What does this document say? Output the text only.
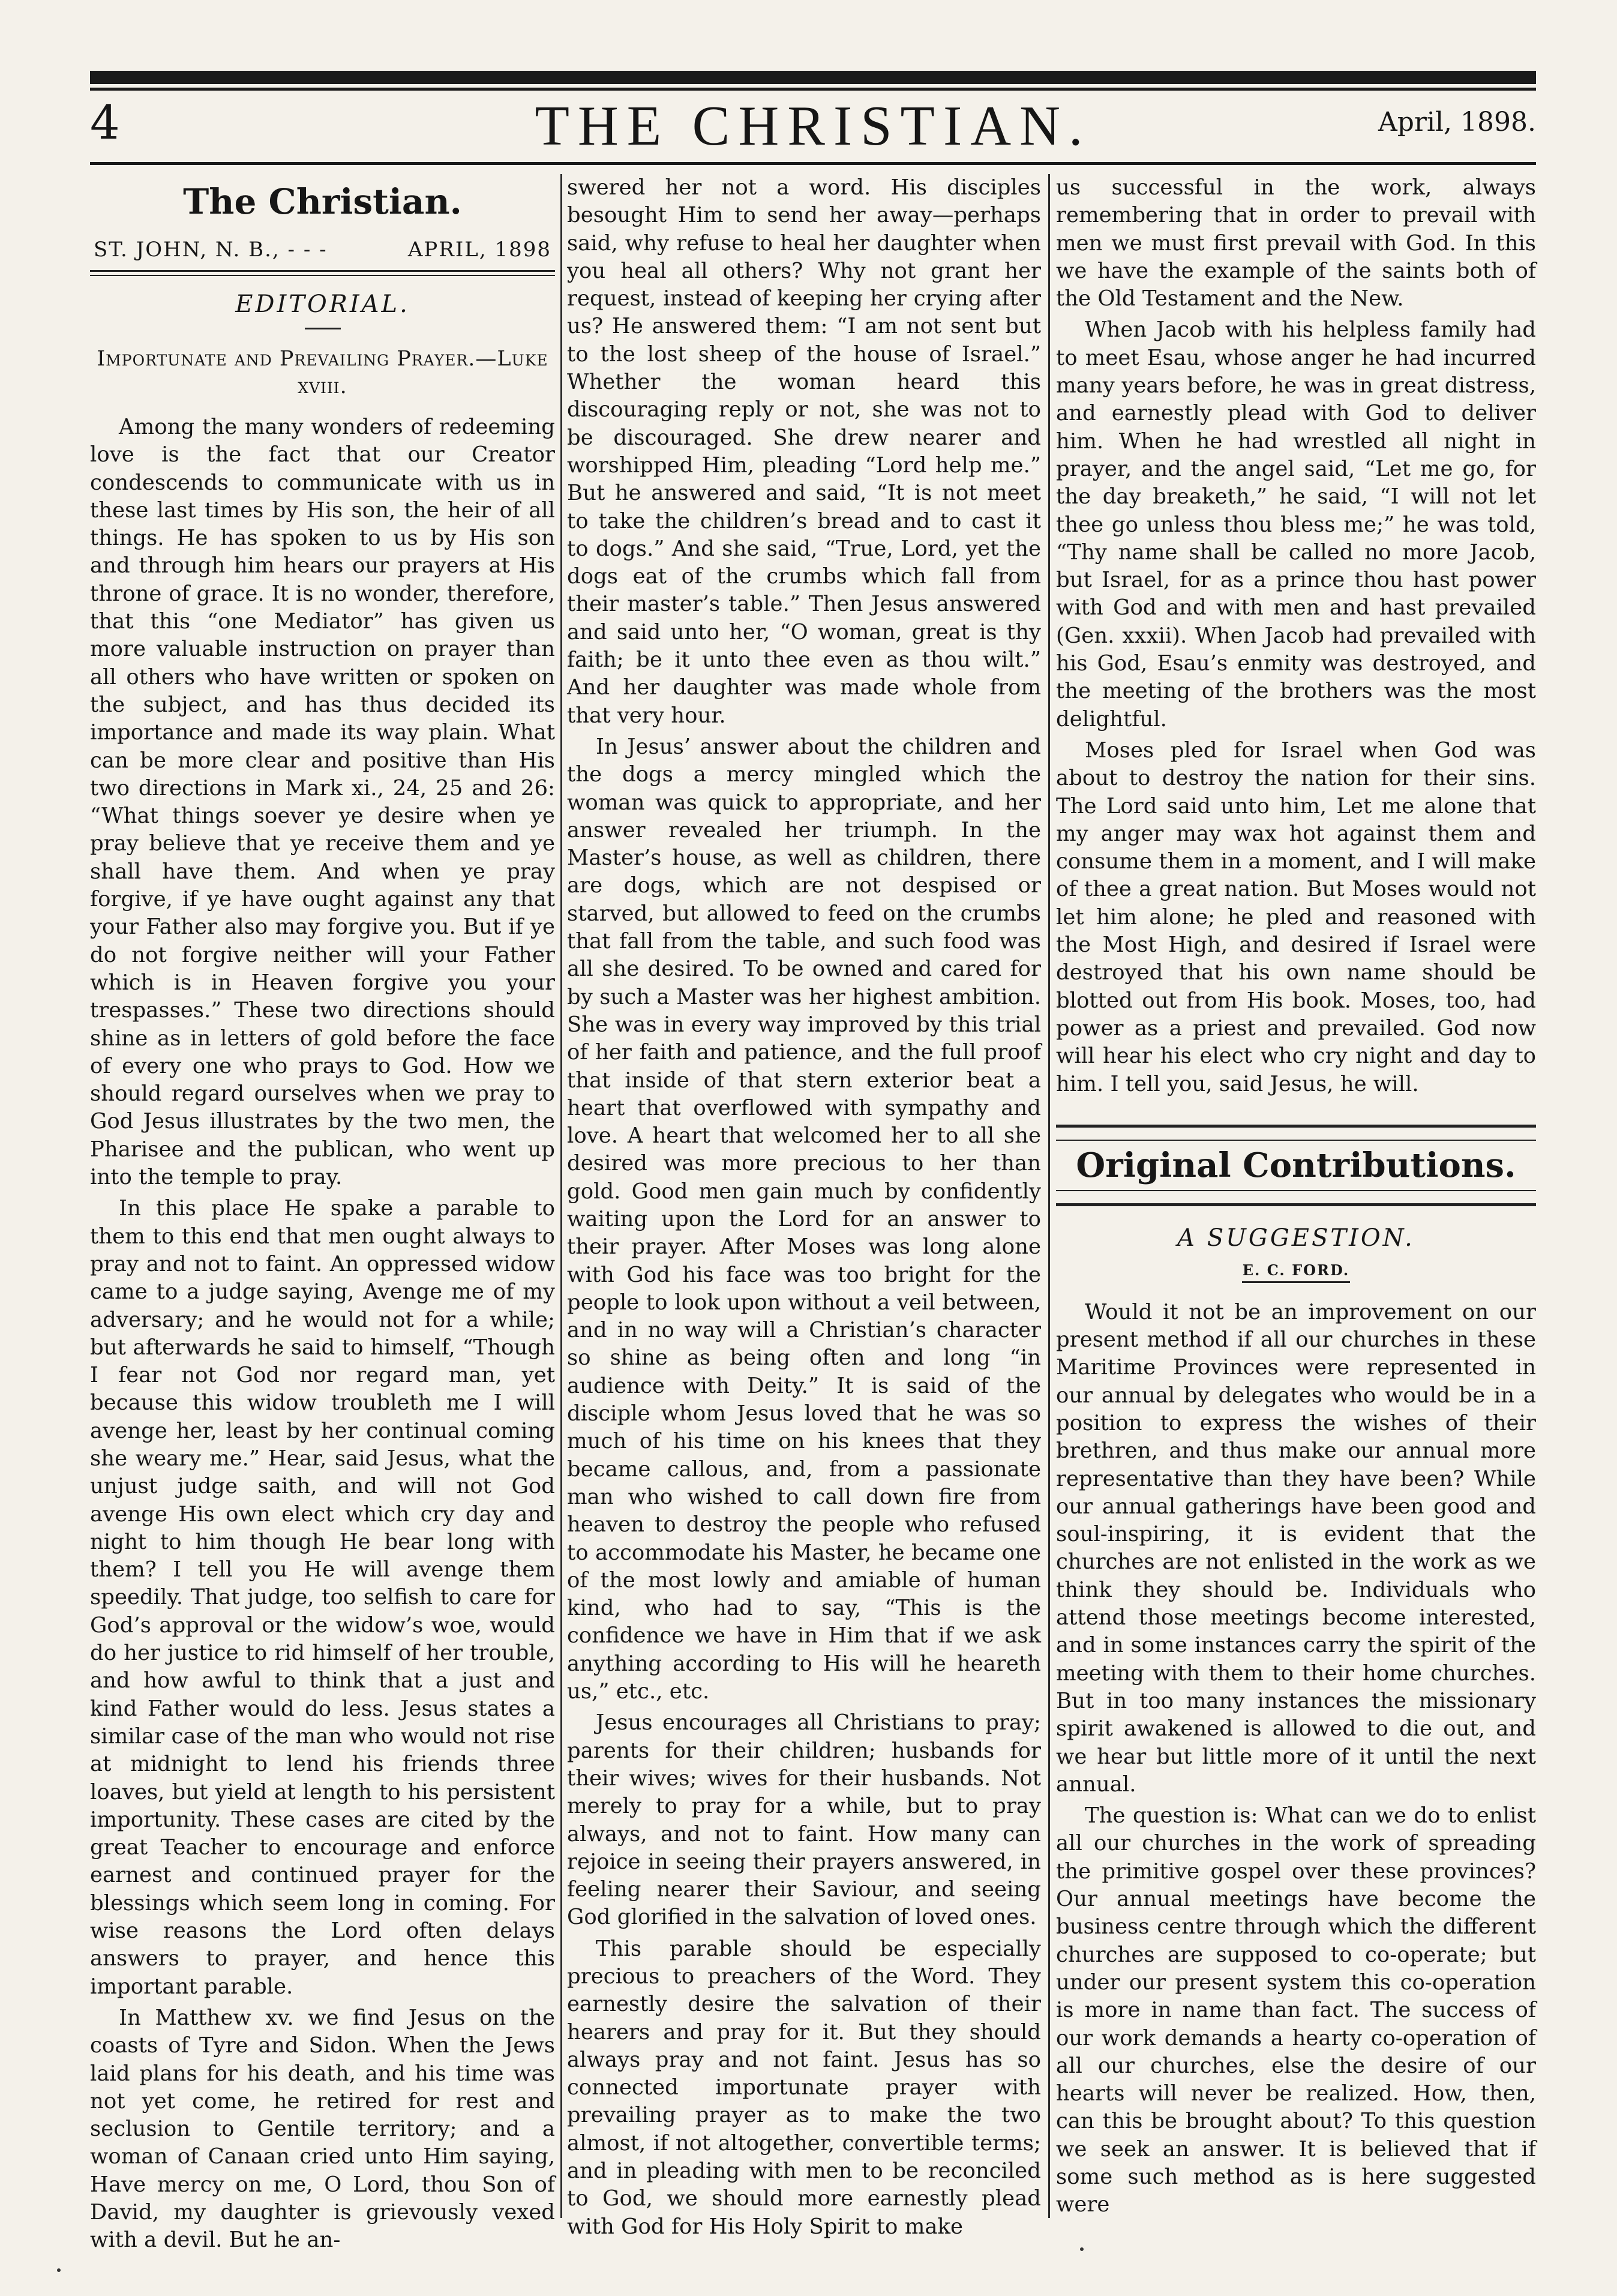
4	THE CHRISTIAN.	April, 1898.
The Christian.
ST. JOHN, N. B., - - -	APRIL, 1898
EDITORIAL.
Importunate and Prevailing Prayer.—Luke xviii.

Among the many wonders of redeeming love is the fact that our Creator condescends to communicate with us in these last times by His son, the heir of all things. He has spoken to us by His son and through him hears our prayers at His throne of grace. It is no wonder, therefore, that this “one Mediator” has given us more valuable instruction on prayer than all others who have written or spoken on the subject, and has thus decided its importance and made its way plain. What can be more clear and positive than His two directions in Mark xi., 24, 25 and 26: “What things soever ye desire when ye pray believe that ye receive them and ye shall have them. And when ye pray forgive, if ye have ought against any that your Father also may forgive you. But if ye do not forgive neither will your Father which is in Heaven forgive you your trespasses.” These two directions should shine as in letters of gold before the face of every one who prays to God. How we should regard ourselves when we pray to God Jesus illustrates by the two men, the Pharisee and the publican, who went up into the temple to pray.

In this place He spake a parable to them to this end that men ought always to pray and not to faint. An oppressed widow came to a judge saying, Avenge me of my adversary; and he would not for a while; but afterwards he said to himself, “Though I fear not God nor regard man, yet because this widow troubleth me I will avenge her, least by her continual coming she weary me.” Hear, said Jesus, what the unjust judge saith, and will not God avenge His own elect which cry day and night to him though He bear long with them? I tell you He will avenge them speedily. That judge, too selfish to care for God’s approval or the widow’s woe, would do her justice to rid himself of her trouble, and how awful to think that a just and kind Father would do less. Jesus states a similar case of the man who would not rise at midnight to lend his friends three loaves, but yield at length to his persistent importunity. These cases are cited by the great Teacher to encourage and enforce earnest and continued prayer for the blessings which seem long in coming. For wise reasons the Lord often delays answers to prayer, and hence this important parable.

In Matthew xv. we find Jesus on the coasts of Tyre and Sidon. When the Jews laid plans for his death, and his time was not yet come, he retired for rest and seclusion to Gentile territory; and a woman of Canaan cried unto Him saying, Have mercy on me, O Lord, thou Son of David, my daughter is grievously vexed with a devil. But he an-

swered her not a word. His disciples besought Him to send her away—perhaps said, why refuse to heal her daughter when you heal all others? Why not grant her request, instead of keeping her crying after us? He answered them: “I am not sent but to the lost sheep of the house of Israel.” Whether the woman heard this discouraging reply or not, she was not to be discouraged. She drew nearer and worshipped Him, pleading “Lord help me.” But he answered and said, “It is not meet to take the children’s bread and to cast it to dogs.” And she said, “True, Lord, yet the dogs eat of the crumbs which fall from their master’s table.” Then Jesus answered and said unto her, “O woman, great is thy faith; be it unto thee even as thou wilt.” And her daughter was made whole from that very hour.

In Jesus’ answer about the children and the dogs a mercy mingled which the woman was quick to appropriate, and her answer revealed her triumph. In the Master’s house, as well as children, there are dogs, which are not despised or starved, but allowed to feed on the crumbs that fall from the table, and such food was all she desired. To be owned and cared for by such a Master was her highest ambition. She was in every way improved by this trial of her faith and patience, and the full proof that inside of that stern exterior beat a heart that overflowed with sympathy and love. A heart that welcomed her to all she desired was more precious to her than gold. Good men gain much by confidently waiting upon the Lord for an answer to their prayer. After Moses was long alone with God his face was too bright for the people to look upon without a veil between, and in no way will a Christian’s character so shine as being often and long “in audience with Deity.” It is said of the disciple whom Jesus loved that he was so much of his time on his knees that they became callous, and, from a passionate man who wished to call down fire from heaven to destroy the people who refused to accommodate his Master, he became one of the most lowly and amiable of human kind, who had to say, “This is the confidence we have in Him that if we ask anything according to His will he heareth us,” etc., etc.

Jesus encourages all Christians to pray; parents for their children; husbands for their wives; wives for their husbands. Not merely to pray for a while, but to pray always, and not to faint. How many can rejoice in seeing their prayers answered, in feeling nearer their Saviour, and seeing God glorified in the salvation of loved ones.

This parable should be especially precious to preachers of the Word. They earnestly desire the salvation of their hearers and pray for it. But they should always pray and not faint. Jesus has so connected importunate prayer with prevailing prayer as to make the two almost, if not altogether, convertible terms; and in pleading with men to be reconciled to God, we should more earnestly plead with God for His Holy Spirit to make

us successful in the work, always remembering that in order to prevail with men we must first prevail with God. In this we have the example of the saints both of the Old Testament and the New.

When Jacob with his helpless family had to meet Esau, whose anger he had incurred many years before, he was in great distress, and earnestly plead with God to deliver him. When he had wrestled all night in prayer, and the angel said, “Let me go, for the day breaketh,” he said, “I will not let thee go unless thou bless me;” he was told, “Thy name shall be called no more Jacob, but Israel, for as a prince thou hast power with God and with men and hast prevailed (Gen. xxxii). When Jacob had prevailed with his God, Esau’s enmity was destroyed, and the meeting of the brothers was the most delightful.

Moses pled for Israel when God was about to destroy the nation for their sins. The Lord said unto him, Let me alone that my anger may wax hot against them and consume them in a moment, and I will make of thee a great nation. But Moses would not let him alone; he pled and reasoned with the Most High, and desired if Israel were destroyed that his own name should be blotted out from His book. Moses, too, had power as a priest and prevailed. God now will hear his elect who cry night and day to him. I tell you, said Jesus, he will.

Original Contributions.
A SUGGESTION.
E. C. FORD.

Would it not be an improvement on our present method if all our churches in these Maritime Provinces were represented in our annual by delegates who would be in a position to express the wishes of their brethren, and thus make our annual more representative than they have been? While our annual gatherings have been good and soul-inspiring, it is evident that the churches are not enlisted in the work as we think they should be. Individuals who attend those meetings become interested, and in some instances carry the spirit of the meeting with them to their home churches. But in too many instances the missionary spirit awakened is allowed to die out, and we hear but little more of it until the next annual.

The question is: What can we do to enlist all our churches in the work of spreading the primitive gospel over these provinces? Our annual meetings have become the business centre through which the different churches are supposed to co-operate; but under our present system this co-operation is more in name than fact. The success of our work demands a hearty co-operation of all our churches, else the desire of our hearts will never be realized. How, then, can this be brought about? To this question we seek an answer. It is believed that if some such method as is here suggested were
